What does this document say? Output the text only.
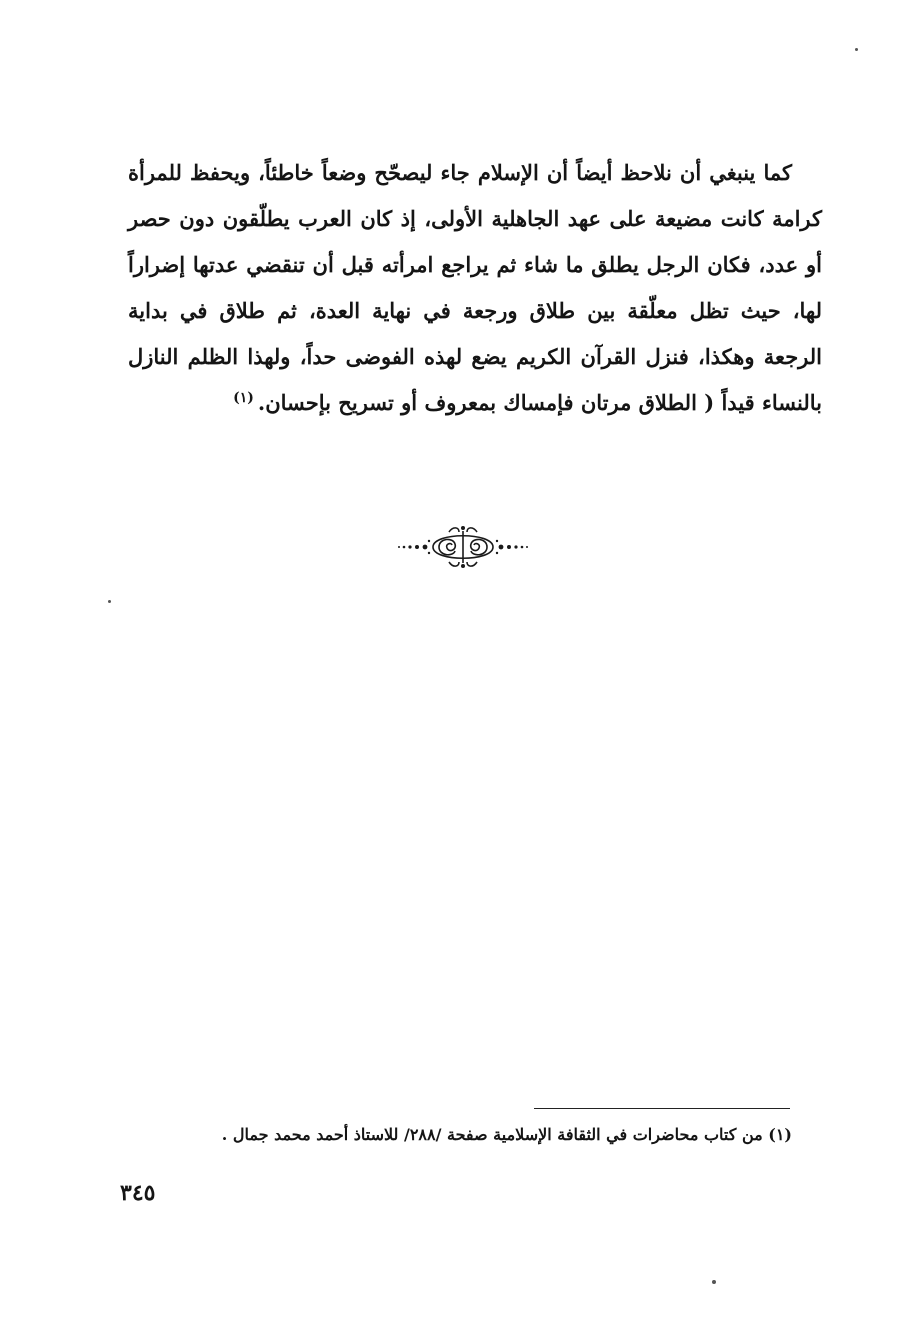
كما ينبغي أن نلاحظ أيضاً أن الإسلام جاء ليصحّح وضعاً خاطئاً، ويحفظ للمرأة كرامة كانت مضيعة على عهد الجاهلية الأولى، إذ كان العرب يطلّقون دون حصر أو عدد، فكان الرجل يطلق ما شاء ثم يراجع امرأته قبل أن تنقضي عدتها إضراراً لها، حيث تظل معلّقة بين طلاق ورجعة في نهاية العدة، ثم طلاق في بداية الرجعة وهكذا، فنزل القرآن الكريم يضع لهذه الفوضى حداً، ولهذا الظلم النازل بالنساء قيداً ( الطلاق مرتان فإمساك بمعروف أو تسريح بإحسان.$^{(١)}$

(١) من كتاب محاضرات في الثقافة الإسلامية صفحة /٢٨٨/ للاستاذ أحمد محمد جمال .
٣٤٥
